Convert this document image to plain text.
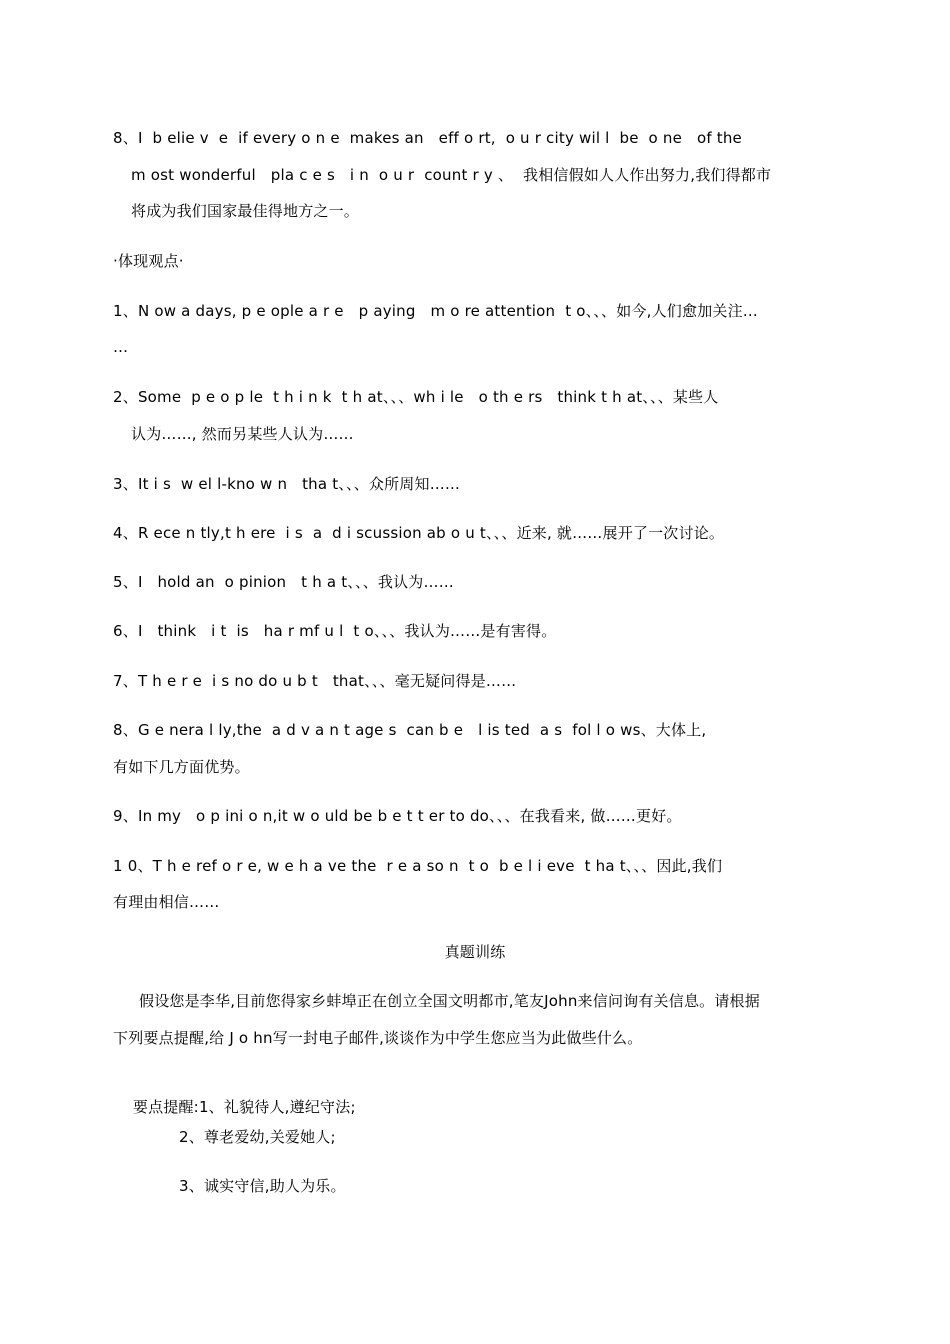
8、I  b elie v  e  if every o n e  makes an   eff o rt,  o u r city wil l  be  o ne   of the
m ost wonderful   pla c e s   i n  o u r  count r y 、  我相信假如人人作出努力,我们得都市
将成为我们国家最佳得地方之一。
·体现观点·
1、N ow a days, p e ople a r e   p aying   m o re attention  t o、、、如今,人们愈加关注…
…
2、Some  p e o p le  t h i n k  t h at、、、wh i le   o th e rs   think t h at、、、某些人
认为……, 然而另某些人认为……
3、It i s  w el l-kno w n   tha t、、、众所周知……
4、R ece n tly,t h ere  i s  a  d i scussion ab o u t、、、近来, 就……展开了一次讨论。
5、I   hold an  o pinion   t h a t、、、我认为……
6、I   think   i t  is   ha r mf u l  t o、、、我认为……是有害得。
7、T h e r e  i s no do u b t   that、、、毫无疑问得是……
8、G e nera l ly,the  a d v a n t age s  can b e   l is ted  a s  fol l o ws、大体上,
有如下几方面优势。
9、In my   o p ini o n,it w o uld be b e t t er to do、、、在我看来, 做……更好。
1 0、T h e ref o r e, w e h a ve the  r e a so n  t o  b e l i eve  t ha t、、、因此,我们
有理由相信……
真题训练
假设您是李华,目前您得家乡蚌埠正在创立全国文明都市,笔友John来信问询有关信息。请根据
下列要点提醒,给 J o hn写一封电子邮件,谈谈作为中学生您应当为此做些什么。

要点提醒:1、礼貌待人,遵纪守法;

2、尊老爱幼,关爱她人;
3、诚实守信,助人为乐。
